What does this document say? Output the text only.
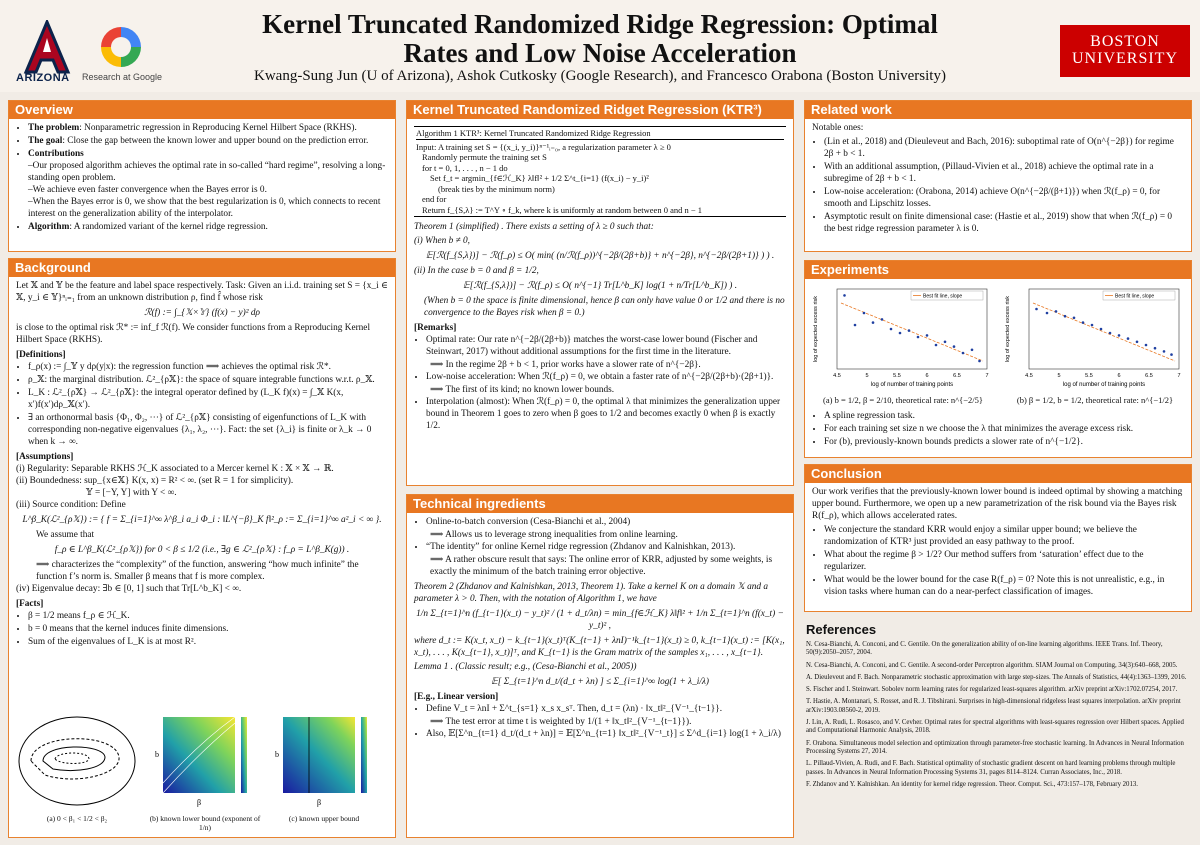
ARIZONA Research at Google
Kernel Truncated Randomized Ridge Regression: Optimal
Rates and Low Noise Acceleration
Kwang-Sung Jun (U of Arizona), Ashok Cutkosky (Google Research), and Francesco Orabona (Boston University)
BOSTON
UNIVERSITY
Overview
• The problem: Nonparametric regression in Reproducing Kernel Hilbert Space (RKHS).
• The goal: Close the gap between the known lower and upper bound on the prediction error.
• Contributions
–Our proposed algorithm achieves the optimal rate in so-called “hard regime”, resolving a long-standing open problem.
–We achieve even faster convergence when the Bayes error is 0.
–When the Bayes error is 0, we show that the best regularization is 0, which connects to recent interest on the generalization ability of the interpolator.
• Algorithm: A randomized variant of the kernel ridge regression.
Background

Let 𝕏 and 𝕐 be the feature and label space respectively. Task: Given an i.i.d. training set S = {x_i ∈ 𝕏, y_i ∈ 𝕐}ⁿᵢ₌₁ from an unknown distribution ρ, find f̂ whose risk

ℛ(f) := ∫_{𝕏×𝕐} (f(x) − y)² dρ

is close to the optimal risk ℛ* := inf_f ℛ(f). We consider functions from a Reproducing Kernel Hilbert Space (RKHS).

[Definitions]
• f_ρ(x) := ∫_𝕐 y dρ(y|x): the regression function ⟹ achieves the optimal risk ℛ*.
• ρ_𝕏: the marginal distribution. ℒ²_{ρ𝕏}: the space of square integrable functions w.r.t. ρ_𝕏.
• L_K : ℒ²_{ρ𝕏} → ℒ²_{ρ𝕏}: the integral operator defined by (L_K f)(x) = ∫_𝕏 K(x, x′)f(x′)dρ_𝕏(x′).
• ∃ an orthonormal basis {Φ₁, Φ₂, ⋯} of ℒ²_{ρ𝕏} consisting of eigenfunctions of L_K with corresponding non-negative eigenvalues {λ₁, λ₂, ⋯}. Fact: the set {λ_i} is finite or λ_k → 0 when k → ∞.
[Assumptions]
(i) Regularity: Separable RKHS ℋ_K associated to a Mercer kernel K : 𝕏 × 𝕏 → ℝ.
(ii) Boundedness: sup_{x∈𝕏} K(x, x) = R² < ∞. (set R = 1 for simplicity).
𝕐 = [−Y, Y] with Y < ∞.
(iii) Source condition: Define
L^β_K(ℒ²_{ρ𝕏}) := { f = Σ_{i=1}^∞ λ^β_i a_i Φ_i : ‖L^{−β}_K f‖²_ρ := Σ_{i=1}^∞ a²_i < ∞ }.
We assume that
f_ρ ∈ L^β_K(ℒ²_{ρ𝕏}) for 0 < β ≤ 1/2 (i.e., ∃g ∈ ℒ²_{ρ𝕏} : f_ρ = L^β_K(g)) .
⟹ characterizes the “complexity” of the function, answering “how much infinite” the function f’s norm is. Smaller β means that f is more complex.
(iv) Eigenvalue decay: ∃b ∈ [0, 1] such that Tr[L^b_K] < ∞.
[Facts]
• β = 1/2 means f_ρ ∈ ℋ_K.
• b = 0 means that the kernel induces finite dimensions.
• Sum of the eigenvalues of L_K is at most R².
β
b
β
b
(a) 0 < β₁ < 1/2 < β₂	(b) known lower bound (exponent of 1/n)
(c) known upper bound
Kernel Truncated Randomized Ridget Regression (KTR³)
Algorithm 1 KTR³: Kernel Truncated Randomized Ridge Regression
Input: A training set S = {(x_i, y_i)}ⁿ⁻¹ᵢ₌₀, a regularization parameter λ ≥ 0
Randomly permute the training set S
for t = 0, 1, . . . , n − 1 do
Set f_t = argmin_{f∈ℋ_K} λ‖f‖² + 1/2 Σ^t_{i=1} (f(x_i) − y_i)²
(break ties by the minimum norm)
end for
Return f_{S,λ} := T^Y ∘ f_k, where k is uniformly at random between 0 and n − 1

Theorem 1 (simplified) . There exists a setting of λ ≥ 0 such that:

(i) When b ≠ 0,
𝔼[ℛ(f_{S,λ})] − ℛ(f_ρ) ≤ O( min( (n/ℛ(f_ρ))^{−2β/(2β+b)} + n^{−2β}, n^{−2β/(2β+1)} ) ) .
(ii) In the case b = 0 and β = 1/2,
𝔼[ℛ(f_{S,λ})] − ℛ(f_ρ) ≤ O( n^{−1} Tr[L^b_K] log(1 + n/Tr[L^b_K]) ) .

(When b = 0 the space is finite dimensional, hence β can only have value 0 or 1/2 and there is no convergence to the Bayes risk when β = 0.)

[Remarks]
• Optimal rate: Our rate n^{−2β/(2β+b)} matches the worst-case lower bound (Fischer and Steinwart, 2017) without additional assumptions for the first time in the literature.
⟹ In the regime 2β + b < 1, prior works have a slower rate of n^{−2β}.
• Low-noise acceleration: When ℛ(f_ρ) = 0, we obtain a faster rate of n^{−2β/(2β+b)·(2β+1)}.
⟹ The first of its kind; no known lower bounds.
• Interpolation (almost): When ℛ(f_ρ) = 0, the optimal λ that minimizes the generalization upper bound in Theorem 1 goes to zero when β goes to 1/2 and becomes exactly 0 when β is exactly 1/2.
Technical ingredients
• Online-to-batch conversion (Cesa-Bianchi et al., 2004)
⟹ Allows us to leverage strong inequalities from online learning.
• “The identity” for online Kernel ridge regression (Zhdanov and Kalnishkan, 2013).
⟹ A rather obscure result that says: The online error of KRR, adjusted by some weights, is exactly the minimum of the batch training error objective.

Theorem 2 (Zhdanov and Kalnishkan, 2013, Theorem 1). Take a kernel K on a domain 𝕏 and a parameter λ > 0. Then, with the notation of Algorithm 1, we have

1/n Σ_{t=1}^n (f_{t−1}(x_t) − y_t)² / (1 + d_t/λn) = min_{f∈ℋ_K} λ‖f‖² + 1/n Σ_{t=1}^n (f(x_t) − y_t)² ,

where d_t := K(x_t, x_t) − k_{t−1}(x_t)ᵀ(K_{t−1} + λnI)⁻¹k_{t−1}(x_t) ≥ 0, k_{t−1}(x_t) := [K(x₁, x_t), . . . , K(x_{t−1}, x_t)]ᵀ, and K_{t−1} is the Gram matrix of the samples x₁, . . . , x_{t−1}.

Lemma 1 . (Classic result; e.g., (Cesa-Bianchi et al., 2005))

𝔼[ Σ_{t=1}^n d_t/(d_t + λn) ] ≤ Σ_{i=1}^∞ log(1 + λ_i/λ)
[E.g., Linear version]
• Define V_t = λnI + Σ^t_{s=1} x_s x_sᵀ. Then, d_t = (λn) · ‖x_t‖²_{V⁻¹_{t−1}}.
⟹ The test error at time t is weighted by 1/(1 + ‖x_t‖²_{V⁻¹_{t−1}}).
• Also, 𝔼[Σ^n_{t=1} d_t/(d_t + λn)] = 𝔼[Σ^n_{t=1} ‖x_t‖²_{V⁻¹_t}] ≤ Σ^d_{i=1} log(1 + λ_i/λ)
Related work

Notable ones:

• (Lin et al., 2018) and (Dieuleveut and Bach, 2016): suboptimal rate of O(n^{−2β}) for regime 2β + b < 1.
• With an additional assumption, (Pillaud-Vivien et al., 2018) achieve the optimal rate in a subregime of 2β + b < 1.
• Low-noise acceleration: (Orabona, 2014) achieve O(n^{−2β/(β+1)}) when ℛ(f_ρ) = 0, for smooth and Lipschitz losses.
• Asymptotic result on finite dimensional case: (Hastie et al., 2019) show that when ℛ(f_ρ) = 0 the best ridge regression parameter λ is 0.
Experiments
4.5	5	5.5	6	6.5	7
log of number of training points
log of expected excess risk	Best fit line, slope
4.5	5	5.5	6	6.5	7
log of number of training points
log of expected excess risk	Best fit line, slope
(a) b = 1/2, β = 2/10, theoretical rate: n^{−2/5}	(b) β = 1/2, b = 1/2, theoretical rate: n^{−1/2}
• A spline regression task.
• For each training set size n we choose the λ that minimizes the average excess risk.
• For (b), previously-known bounds predicts a slower rate of n^{−1/2}.
Conclusion

Our work verifies that the previously-known lower bound is indeed optimal by showing a matching upper bound. Furthermore, we open up a new parametrization of the risk bound via the Bayes risk R(f_ρ), which allows accelerated rates.

• We conjecture the standard KRR would enjoy a similar upper bound; we believe the randomization of KTR³ just provided an easy pathway to the proof.
• What about the regime β > 1/2? Our method suffers from ‘saturation’ effect due to the regularizer.
• What would be the lower bound for the case R(f_ρ) = 0? Note this is not unrealistic, e.g., in vision tasks where human can do a near-perfect classification of images.
References

N. Cesa-Bianchi, A. Conconi, and C. Gentile. On the generalization ability of on-line learning algorithms. IEEE Trans. Inf. Theory, 50(9):2050–2057, 2004.

N. Cesa-Bianchi, A. Conconi, and C. Gentile. A second-order Perceptron algorithm. SIAM Journal on Computing, 34(3):640–668, 2005.

A. Dieuleveut and F. Bach. Nonparametric stochastic approximation with large step-sizes. The Annals of Statistics, 44(4):1363–1399, 2016.

S. Fischer and I. Steinwart. Sobolev norm learning rates for regularized least-squares algorithm. arXiv preprint arXiv:1702.07254, 2017.

T. Hastie, A. Montanari, S. Rosset, and R. J. Tibshirani. Surprises in high-dimensional ridgeless least squares interpolation. arXiv preprint arXiv:1903.08560-2, 2019.

J. Lin, A. Rudi, L. Rosasco, and V. Cevher. Optimal rates for spectral algorithms with least-squares regression over Hilbert spaces. Applied and Computational Harmonic Analysis, 2018.

F. Orabona. Simultaneous model selection and optimization through parameter-free stochastic learning. In Advances in Neural Information Processing Systems 27, 2014.

L. Pillaud-Vivien, A. Rudi, and F. Bach. Statistical optimality of stochastic gradient descent on hard learning problems through multiple passes. In Advances in Neural Information Processing Systems 31, pages 8114–8124. Curran Associates, Inc., 2018.

F. Zhdanov and Y. Kalnishkan. An identity for kernel ridge regression. Theor. Comput. Sci., 473:157–178, February 2013.
